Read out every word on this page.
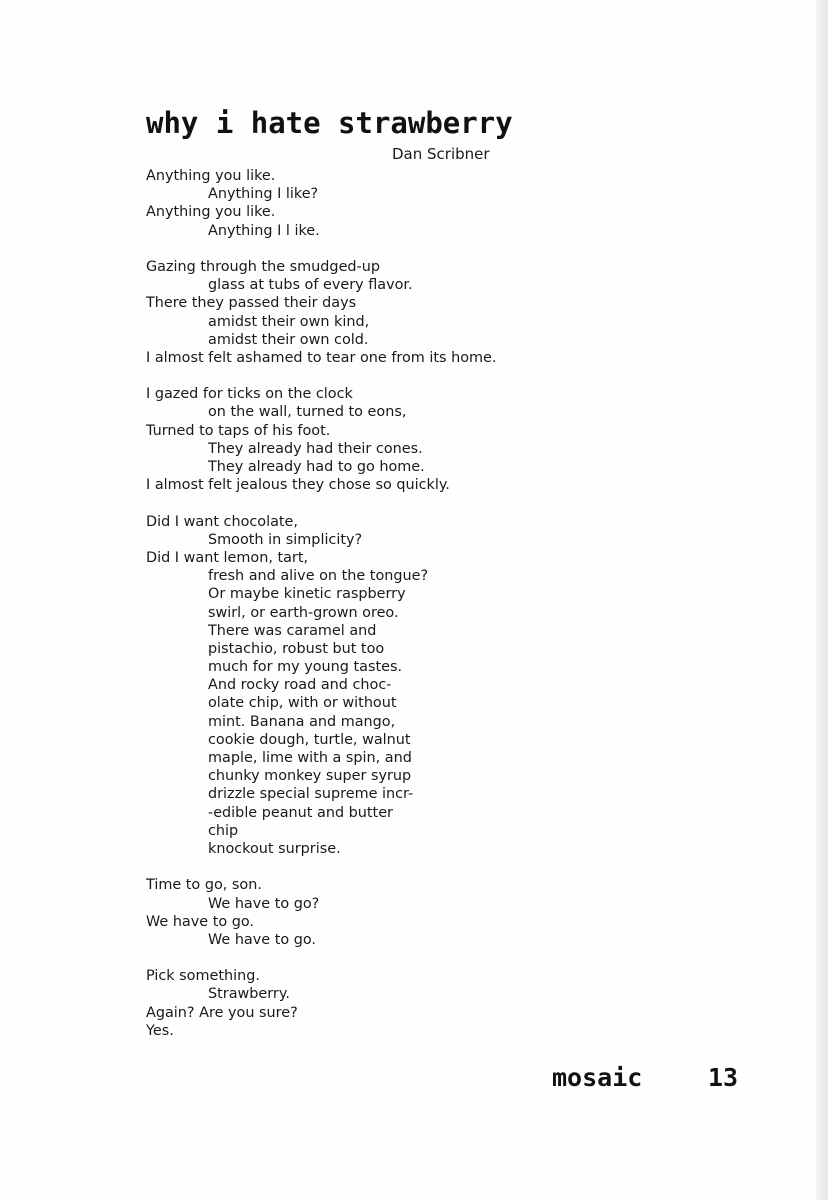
why i hate strawberry
Dan Scribner
Anything you like.
Anything I like?
Anything you like.
Anything I l ike.
Gazing through the smudged-up
glass at tubs of every flavor.
There they passed their days
amidst their own kind,
amidst their own cold.
I almost felt ashamed to tear one from its home.
I gazed for ticks on the clock
on the wall, turned to eons,
Turned to taps of his foot.
They already had their cones.
They already had to go home.
I almost felt jealous they chose so quickly.
Did I want chocolate,
Smooth in simplicity?
Did I want lemon, tart,
fresh and alive on the tongue?
Or maybe kinetic raspberry
swirl, or earth-grown oreo.
There was caramel and
pistachio, robust but too
much for my young tastes.
And rocky road and choc-
olate chip, with or without
mint. Banana and mango,
cookie dough, turtle, walnut
maple, lime with a spin, and
chunky monkey super syrup
drizzle special supreme incr-
-edible peanut and butter
chip
knockout surprise.
Time to go, son.
We have to go?
We have to go.
We have to go.
Pick something.
Strawberry.
Again? Are you sure?
Yes.
mosaic	13
